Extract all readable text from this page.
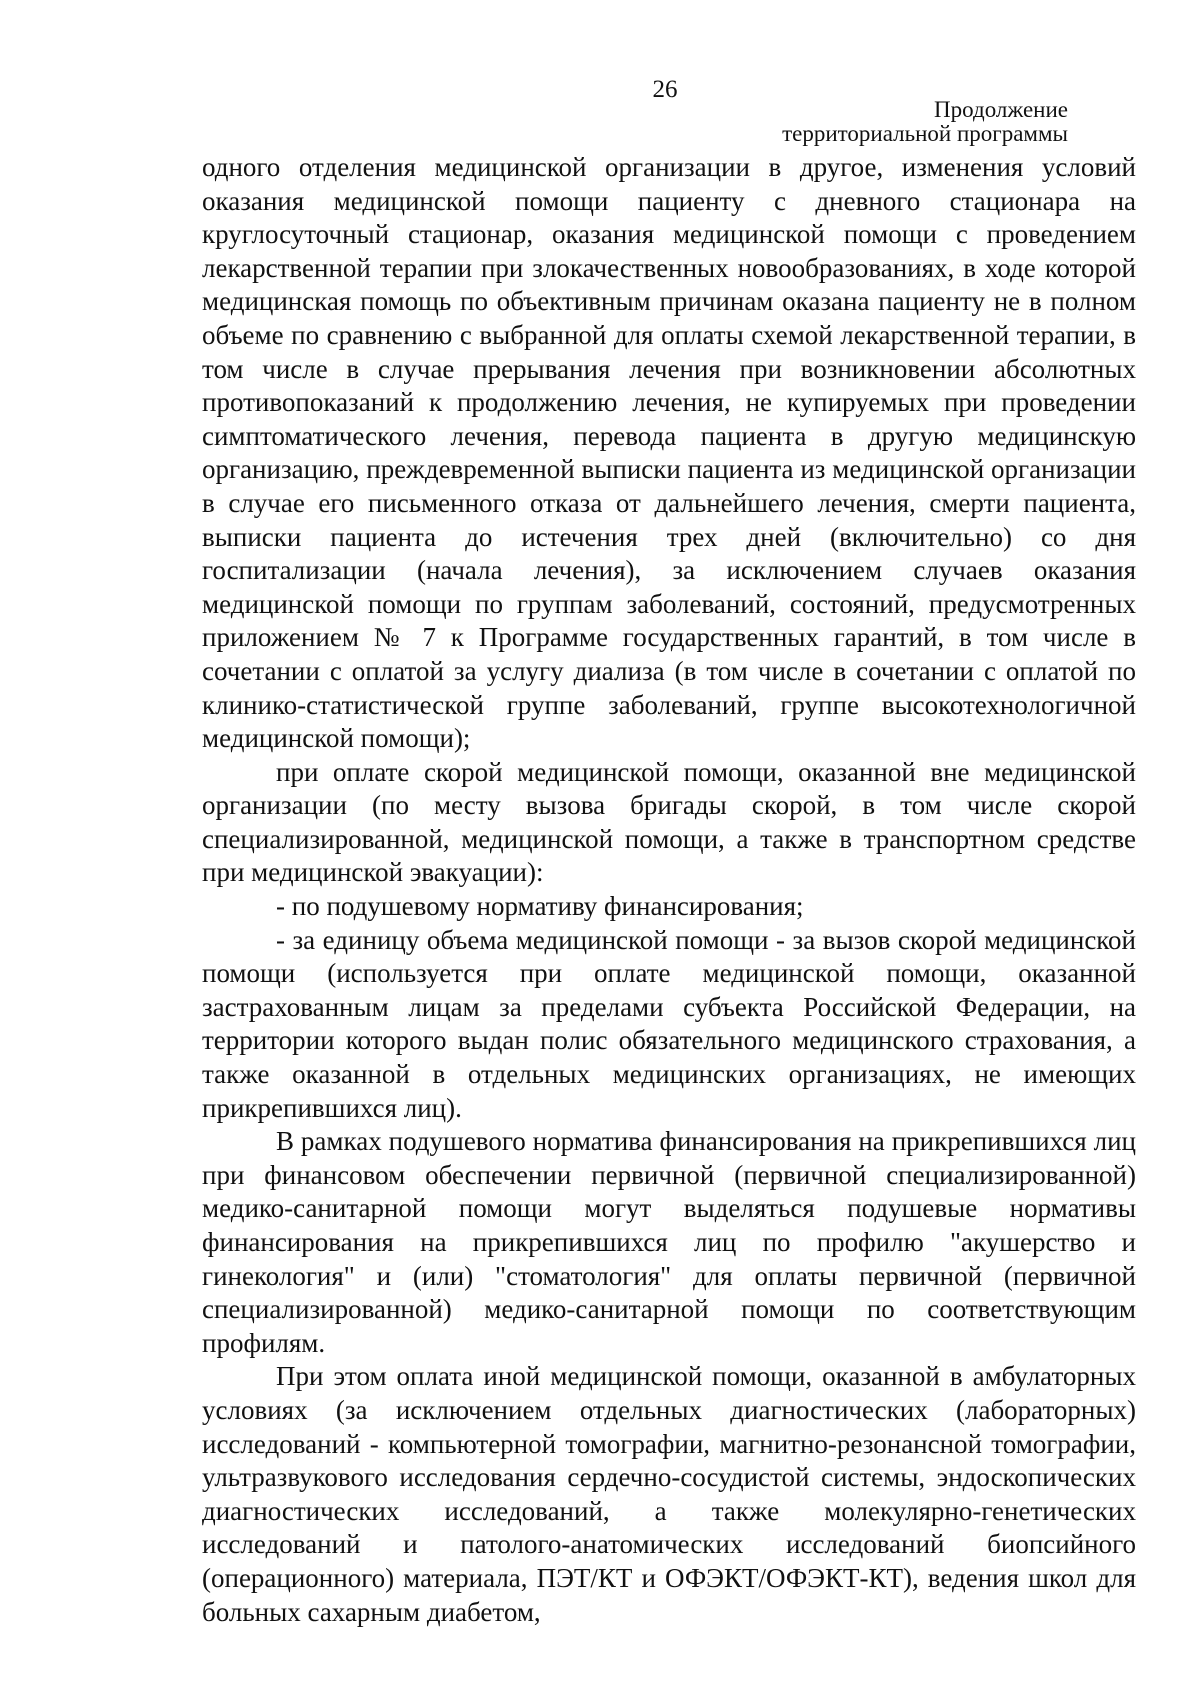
26
Продолжение
территориальной программы

одного отделения медицинской организации в другое, изменения условий оказания медицинской помощи пациенту с дневного стационара на круглосуточный стационар, оказания медицинской помощи с проведением лекарственной терапии при злокачественных новообразованиях, в ходе которой медицинская помощь по объективным причинам оказана пациенту не в полном объеме по сравнению с выбранной для оплаты схемой лекарственной терапии, в том числе в случае прерывания лечения при возникновении абсолютных противопоказаний к продолжению лечения, не купируемых при проведении симптоматического лечения, перевода пациента в другую медицинскую организацию, преждевременной выписки пациента из медицинской организации в случае его письменного отказа от дальнейшего лечения, смерти пациента, выписки пациента до истечения трех дней (включительно) со дня госпитализации (начала лечения), за исключением случаев оказания медицинской помощи по группам заболеваний, состояний, предусмотренных приложением № 7 к Программе государственных гарантий, в том числе в сочетании с оплатой за услугу диализа (в том числе в сочетании с оплатой по клинико-статистической группе заболеваний, группе высокотехнологичной медицинской помощи);

при оплате скорой медицинской помощи, оказанной вне медицинской организации (по месту вызова бригады скорой, в том числе скорой специализированной, медицинской помощи, а также в транспортном средстве при медицинской эвакуации):

- по подушевому нормативу финансирования;

- за единицу объема медицинской помощи - за вызов скорой медицинской помощи (используется при оплате медицинской помощи, оказанной застрахованным лицам за пределами субъекта Российской Федерации, на территории которого выдан полис обязательного медицинского страхования, а также оказанной в отдельных медицинских организациях, не имеющих прикрепившихся лиц).

В рамках подушевого норматива финансирования на прикрепившихся лиц при финансовом обеспечении первичной (первичной специализированной) медико-санитарной помощи могут выделяться подушевые нормативы финансирования на прикрепившихся лиц по профилю "акушерство и гинекология" и (или) "стоматология" для оплаты первичной (первичной специализированной) медико-санитарной помощи по соответствующим профилям.

При этом оплата иной медицинской помощи, оказанной в амбулаторных условиях (за исключением отдельных диагностических (лабораторных) исследований - компьютерной томографии, магнитно-резонансной томографии, ультразвукового исследования сердечно-сосудистой системы, эндоскопических диагностических исследований, а также молекулярно-генетических исследований и патолого-анатомических исследований биопсийного (операционного) материала, ПЭТ/КТ и ОФЭКТ/ОФЭКТ-КТ), ведения школ для больных сахарным диабетом,
